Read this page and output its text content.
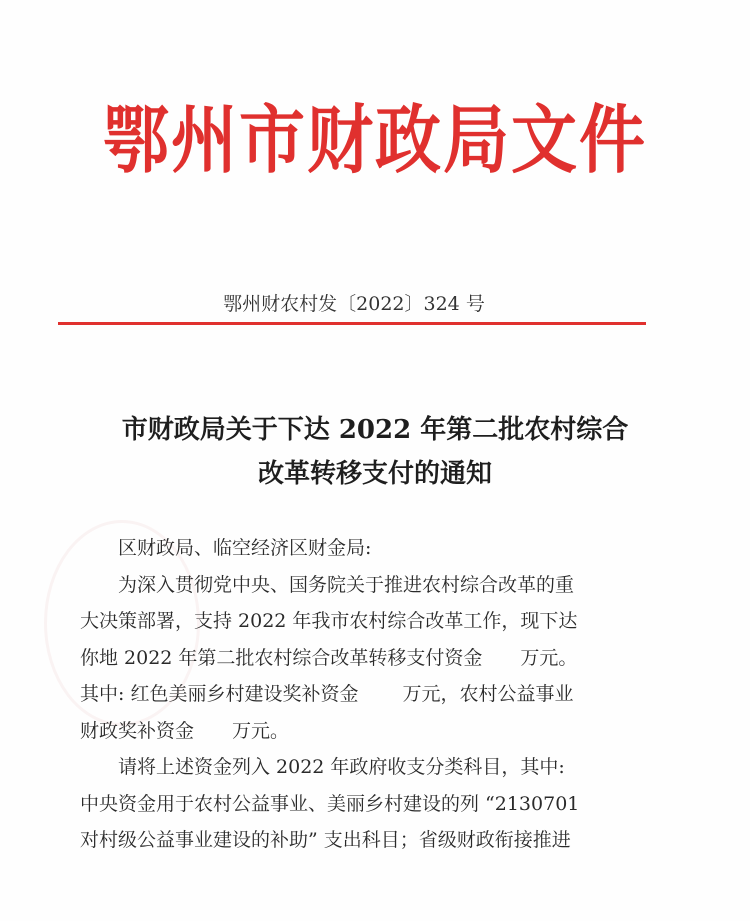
鄂州市财政局文件
鄂州财农村发〔2022〕324 号
市财政局关于下达 2022 年第二批农村综合
改革转移支付的通知
区财政局、临空经济区财金局:
为深入贯彻党中央、国务院关于推进农村综合改革的重
大决策部署，支持 2022 年我市农村综合改革工作，现下达
你地 2022 年第二批农村综合改革转移支付资金　　万元。
其中: 红色美丽乡村建设奖补资金　　 万元，农村公益事业
财政奖补资金　　万元。
请将上述资金列入 2022 年政府收支分类科目，其中:
中央资金用于农村公益事业、美丽乡村建设的列 “2130701
对村级公益事业建设的补助” 支出科目；省级财政衔接推进
